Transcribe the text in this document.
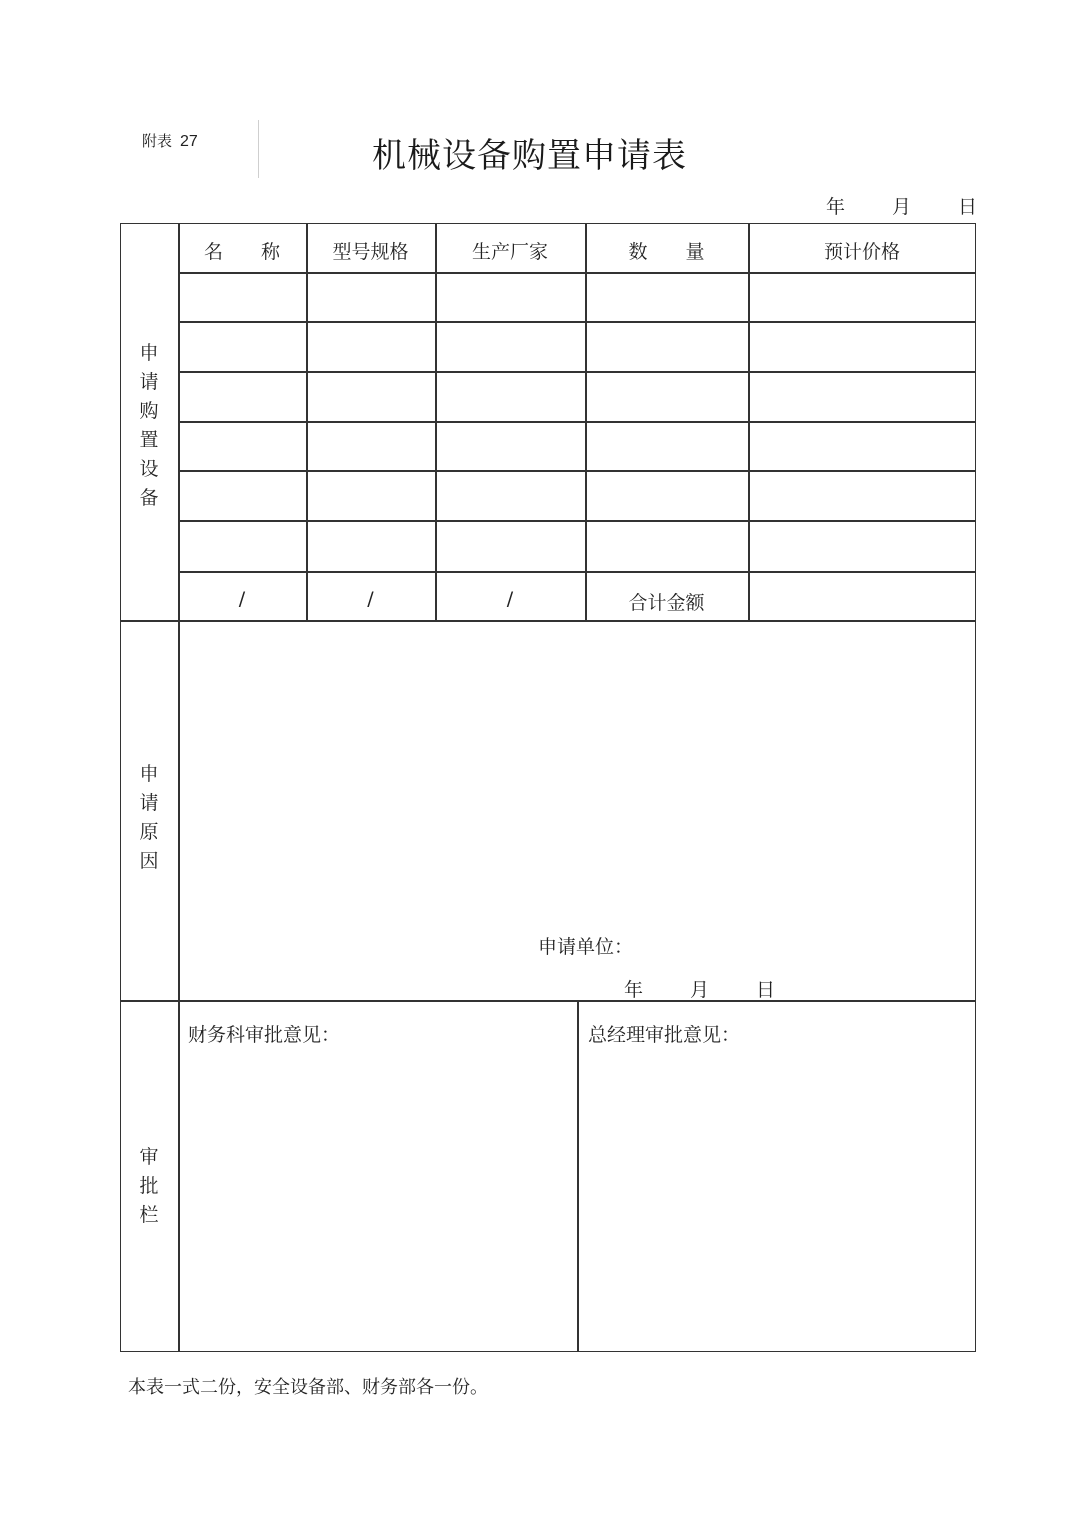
附表 27	机械设备购置申请表
年 月 日
名　　称	型号规格	生产厂家	数　　量	预计价格
/	/	/	合计金额
申
请
购
置
设
备
申
请
原
因
申请单位：
年 月 日
审
批
栏
财务科审批意见：	总经理审批意见：
本表一式二份，安全设备部、财务部各一份。
